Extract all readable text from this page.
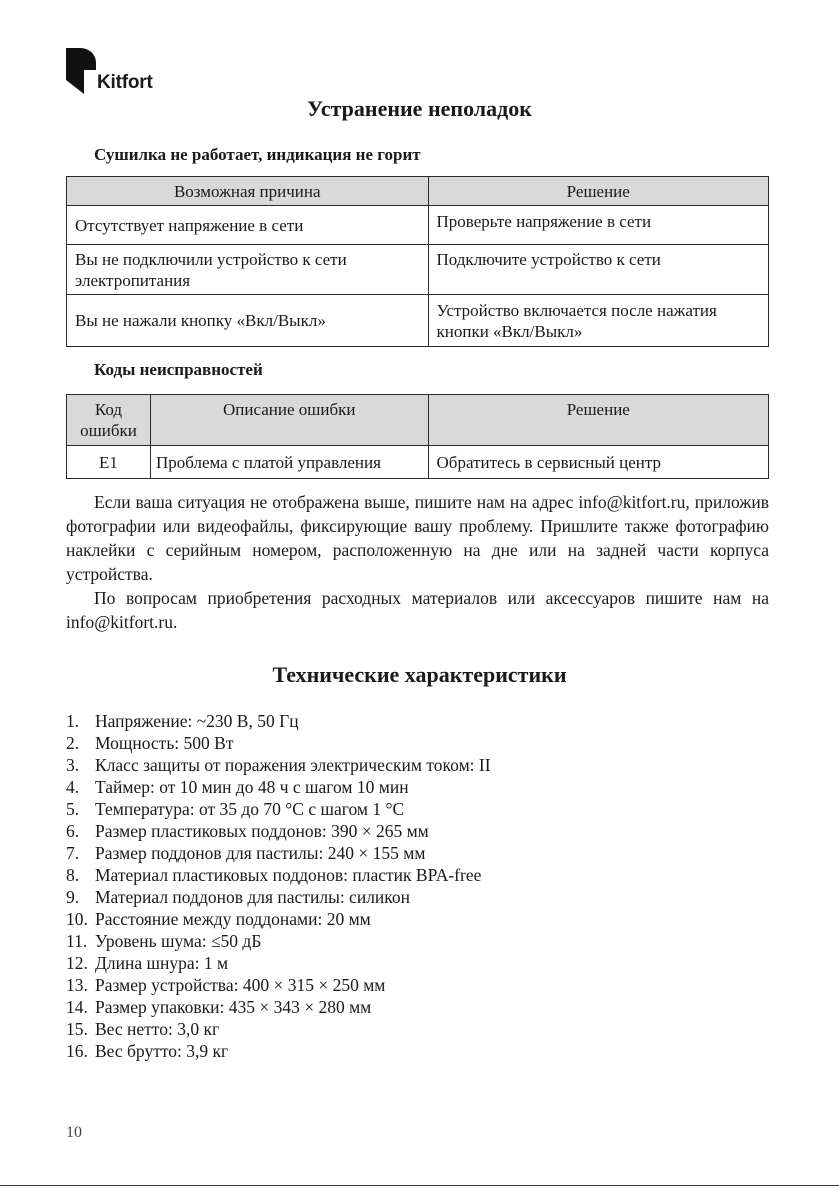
Kitfort
Устранение неполадок
Сушилка не работает, индикация не горит
Возможная причина	Решение
Отсутствует напряжение в сети	Проверьте напряжение в сети
Вы не подключили устройство к сети электропитания	Подключите устройство к сети
Вы не нажали кнопку «Вкл/Выкл»	Устройство включается после нажатия кнопки «Вкл/Выкл»
Коды неисправностей
Код ошибки	Описание ошибки	Решение
E1	Проблема с платой управления	Обратитесь в сервисный центр

Если ваша ситуация не отображена выше, пишите нам на адрес info@kitfort.ru, приложив фотографии или видеофайлы, фиксирующие вашу проблему. Пришлите также фотографию наклейки с серийным номером, расположенную на дне или на задней части корпуса устройства.

По вопросам приобретения расходных материалов или аксессуаров пишите нам на info@kitfort.ru.

Технические характеристики
1. Напряжение: ~230 В, 50 Гц
2. Мощность: 500 Вт
3. Класс защиты от поражения электрическим током: II
4. Таймер: от 10 мин до 48 ч с шагом 10 мин
5. Температура: от 35 до 70 °С с шагом 1 °С
6. Размер пластиковых поддонов: 390 × 265 мм
7. Размер поддонов для пастилы: 240 × 155 мм
8. Материал пластиковых поддонов: пластик BPA-free
9. Материал поддонов для пастилы: силикон
10. Расстояние между поддонами: 20 мм
11. Уровень шума: ≤50 дБ
12. Длина шнура: 1 м
13. Размер устройства: 400 × 315 × 250 мм
14. Размер упаковки: 435 × 343 × 280 мм
15. Вес нетто: 3,0 кг
16. Вес брутто: 3,9 кг
10
